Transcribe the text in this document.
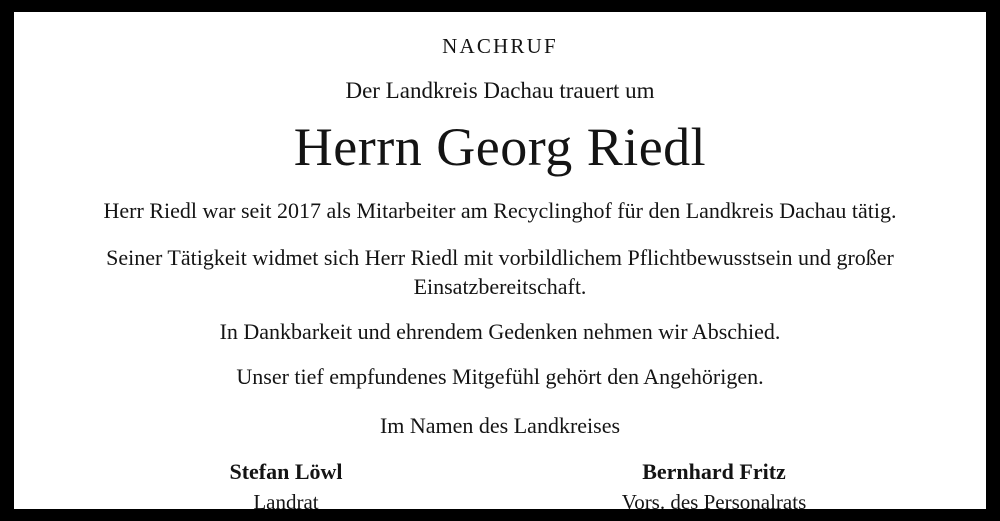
NACHRUF
Der Landkreis Dachau trauert um
Herrn Georg Riedl

Herr Riedl war seit 2017 als Mitarbeiter am Recyclinghof für den Landkreis Dachau tätig.

Seiner Tätigkeit widmet sich Herr Riedl mit vorbildlichem Pflichtbewusstsein und großer Einsatzbereitschaft.

In Dankbarkeit und ehrendem Gedenken nehmen wir Abschied.

Unser tief empfundenes Mitgefühl gehört den Angehörigen.

Im Namen des Landkreises
Stefan Löwl
Landrat
Bernhard Fritz
Vors. des Personalrats
